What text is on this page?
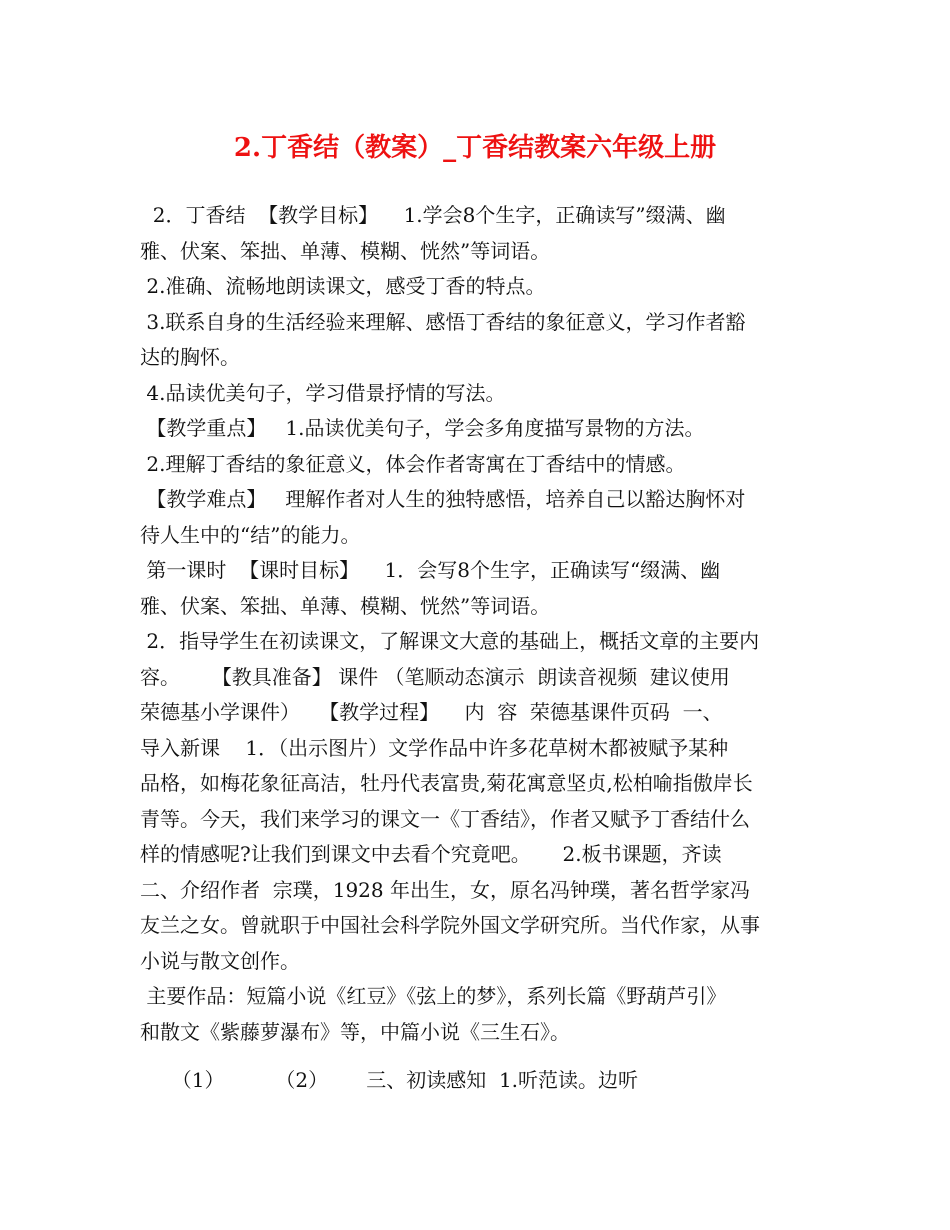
2.丁香结（教案）_丁香结教案六年级上册
2．丁香结  【教学目标】    1.学会8个生字，正确读写”缀满、幽
雅、伏案、笨拙、单薄、模糊、恍然”等词语。
2.准确、流畅地朗读课文，感受丁香的特点。
3.联系自身的生活经验来理解、感悟丁香结的象征意义，学习作者豁
达的胸怀。
4.品读优美句子，学习借景抒情的写法。
【教学重点】   1.品读优美句子，学会多角度描写景物的方法。
2.理解丁香结的象征意义，体会作者寄寓在丁香结中的情感。
【教学难点】   理解作者对人生的独特感悟，培养自己以豁达胸怀对
待人生中的“结”的能力。
第一课时  【课时目标】    1．会写8个生字，正确读写“缀满、幽
雅、伏案、笨拙、单薄、模糊、恍然”等词语。
2．指导学生在初读课文，了解课文大意的基础上，概括文章的主要内
容。     【教具准备】 课件 （笔顺动态演示  朗读音视频  建议使用
荣德基小学课件）   【教学过程】    内  容  荣德基课件页码  一、
导入新课    1．（出示图片）文学作品中许多花草树木都被赋予某种
品格，如梅花象征高洁，牡丹代表富贵,菊花寓意坚贞,松柏喻指傲岸长
青等。今天，我们来学习的课文一《丁香结》，作者又赋予丁香结什么
样的情感呢?让我们到课文中去看个究竟吧。     2.板书课题，齐读
二、介绍作者  宗璞，1928 年出生，女，原名冯钟璞，著名哲学家冯
友兰之女。曾就职于中国社会科学院外国文学研究所。当代作家，从事
小说与散文创作。
主要作品：短篇小说《红豆》《弦上的梦》，系列长篇《野葫芦引》
和散文《紫藤萝瀑布》等，中篇小说《三生石》。
（1）        （2）      三、初读感知  1.听范读。边听
